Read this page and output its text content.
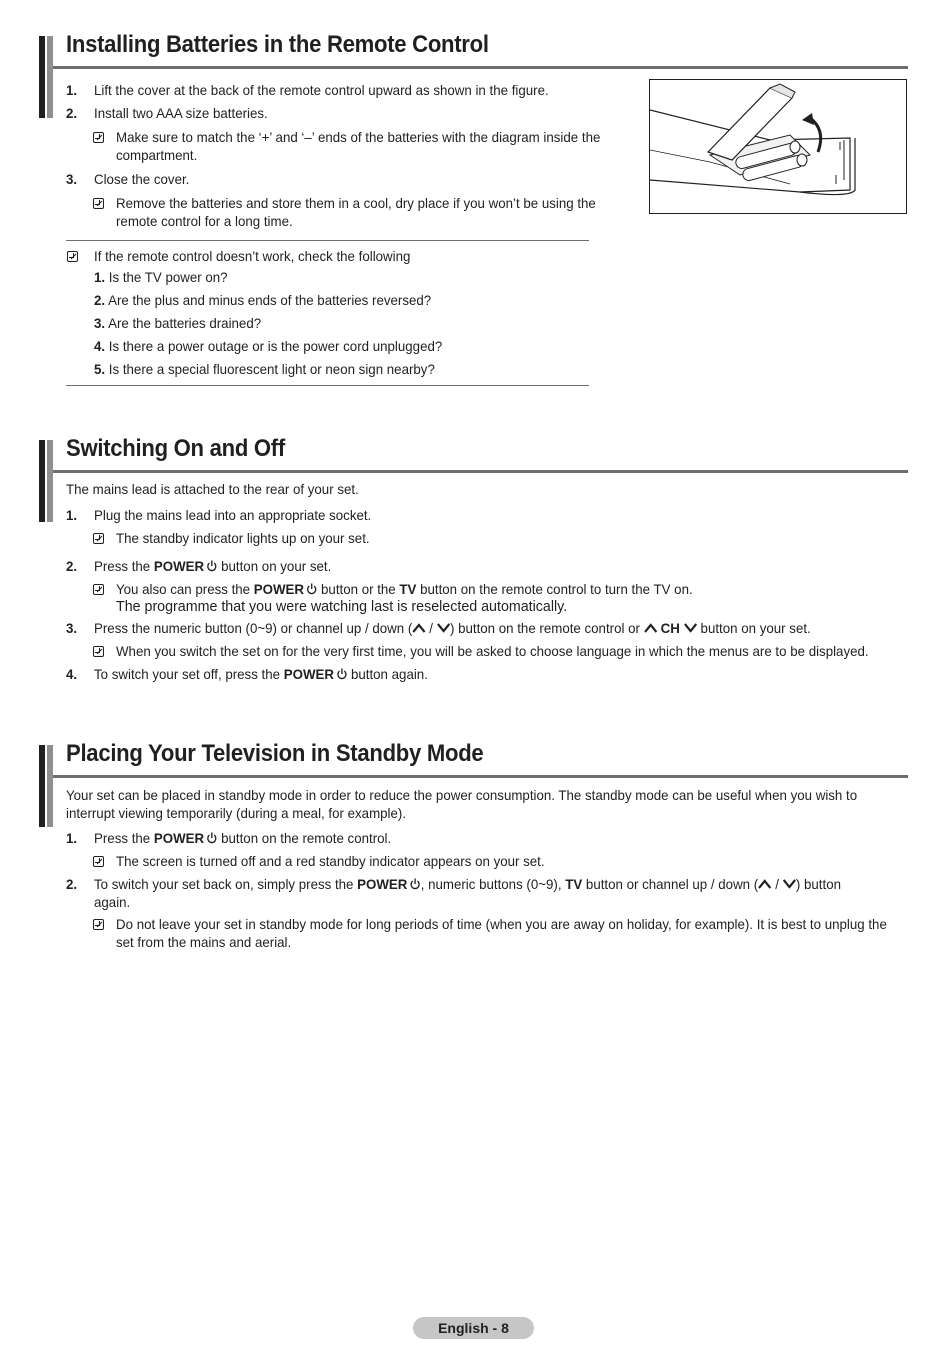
Installing Batteries in the Remote Control
1. Lift the cover at the back of the remote control upward as shown in the figure.
2. Install two AAA size batteries.
Make sure to match the ‘+’ and ‘–’ ends of the batteries with the diagram inside the compartment.
3. Close the cover.
Remove the batteries and store them in a cool, dry place if you won’t be using the remote control for a long time.
If the remote control doesn’t work, check the following
1. Is the TV power on?
2. Are the plus and minus ends of the batteries reversed?
3. Are the batteries drained?
4. Is there a power outage or is the power cord unplugged?
5. Is there a special fluorescent light or neon sign nearby?
Switching On and Off
The mains lead is attached to the rear of your set.
1. Plug the mains lead into an appropriate socket.
The standby indicator lights up on your set.
2. Press the POWER button on your set.
You also can press the POWER button or the TV button on the remote control to turn the TV on.
The programme that you were watching last is reselected automatically.
3. Press the numeric button (0~9) or channel up / down ( / ) button on the remote control or  CH  button on your set.
When you switch the set on for the very first time, you will be asked to choose language in which the menus are to be displayed.
4. To switch your set off, press the POWER button again.
Placing Your Television in Standby Mode
Your set can be placed in standby mode in order to reduce the power consumption. The standby mode can be useful when you wish to interrupt viewing temporarily (during a meal, for example).
1. Press the POWER button on the remote control.
The screen is turned off and a red standby indicator appears on your set.
2. To switch your set back on, simply press the POWER , numeric buttons (0~9), TV button or channel up / down ( / ) button
again.
Do not leave your set in standby mode for long periods of time (when you are away on holiday, for example). It is best to unplug the set from the mains and aerial.
English - 8
